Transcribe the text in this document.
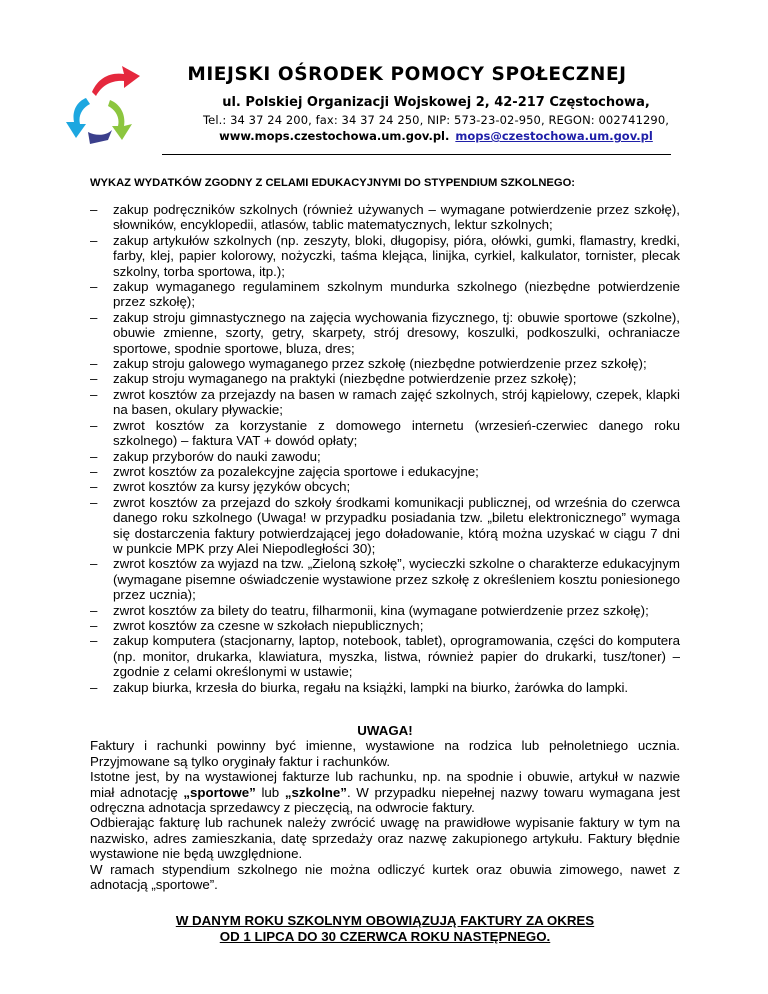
MIEJSKI OŚRODEK POMOCY SPOŁECZNEJ
ul. Polskiej Organizacji Wojskowej 2, 42-217 Częstochowa,
Tel.: 34 37 24 200, fax: 34 37 24 250, NIP: 573-23-02-950, REGON: 002741290,
www.mops.czestochowa.um.gov.pl. mops@czestochowa.um.gov.pl
WYKAZ WYDATKÓW ZGODNY Z CELAMI EDUKACYJNYMI DO STYPENDIUM SZKOLNEGO:
– zakup podręczników szkolnych (również używanych – wymagane potwierdzenie przez szkołę), słowników, encyklopedii, atlasów, tablic matematycznych, lektur szkolnych;
– zakup artykułów szkolnych (np. zeszyty, bloki, długopisy, pióra, ołówki, gumki, flamastry, kredki, farby, klej, papier kolorowy, nożyczki, taśma klejąca, linijka, cyrkiel, kalkulator, tornister, plecak szkolny, torba sportowa, itp.);
– zakup wymaganego regulaminem szkolnym mundurka szkolnego (niezbędne potwierdzenie przez szkołę);
– zakup stroju gimnastycznego na zajęcia wychowania fizycznego, tj: obuwie sportowe (szkolne), obuwie zmienne, szorty, getry, skarpety, strój dresowy, koszulki, podkoszulki, ochraniacze sportowe, spodnie sportowe, bluza, dres;
– zakup stroju galowego wymaganego przez szkołę (niezbędne potwierdzenie przez szkołę);
– zakup stroju wymaganego na praktyki (niezbędne potwierdzenie przez szkołę);
– zwrot kosztów za przejazdy na basen w ramach zajęć szkolnych, strój kąpielowy, czepek, klapki na basen, okulary pływackie;
– zwrot kosztów za korzystanie z domowego internetu (wrzesień-czerwiec danego roku szkolnego) – faktura VAT + dowód opłaty;
– zakup przyborów do nauki zawodu;
– zwrot kosztów za pozalekcyjne zajęcia sportowe i edukacyjne;
– zwrot kosztów za kursy języków obcych;
– zwrot kosztów za przejazd do szkoły środkami komunikacji publicznej, od września do czerwca danego roku szkolnego (Uwaga! w przypadku posiadania tzw. „biletu elektronicznego” wymaga się dostarczenia faktury potwierdzającej jego doładowanie, którą można uzyskać w ciągu 7 dni w punkcie MPK przy Alei Niepodległości 30);
– zwrot kosztów za wyjazd na tzw. „Zieloną szkołę”, wycieczki szkolne o charakterze edukacyjnym (wymagane pisemne oświadczenie wystawione przez szkołę z określeniem kosztu poniesionego przez ucznia);
– zwrot kosztów za bilety do teatru, filharmonii, kina (wymagane potwierdzenie przez szkołę);
– zwrot kosztów za czesne w szkołach niepublicznych;
– zakup komputera (stacjonarny, laptop, notebook, tablet), oprogramowania, części do komputera (np. monitor, drukarka, klawiatura, myszka, listwa, również papier do drukarki, tusz/toner) – zgodnie z celami określonymi w ustawie;
– zakup biurka, krzesła do biurka, regału na książki, lampki na biurko, żarówka do lampki.
UWAGA!

Faktury i rachunki powinny być imienne, wystawione na rodzica lub pełnoletniego ucznia. Przyjmowane są tylko oryginały faktur i rachunków.

Istotne jest, by na wystawionej fakturze lub rachunku, np. na spodnie i obuwie, artykuł w nazwie miał adnotację „sportowe” lub „szkolne”. W przypadku niepełnej nazwy towaru wymagana jest odręczna adnotacja sprzedawcy z pieczęcią, na odwrocie faktury.

Odbierając fakturę lub rachunek należy zwrócić uwagę na prawidłowe wypisanie faktury w tym na nazwisko, adres zamieszkania, datę sprzedaży oraz nazwę zakupionego artykułu. Faktury błędnie wystawione nie będą uwzględnione.

W ramach stypendium szkolnego nie można odliczyć kurtek oraz obuwia zimowego, nawet z adnotacją „sportowe”.

W DANYM ROKU SZKOLNYM OBOWIĄZUJĄ FAKTURY ZA OKRES
OD 1 LIPCA DO 30 CZERWCA ROKU NASTĘPNEGO.
